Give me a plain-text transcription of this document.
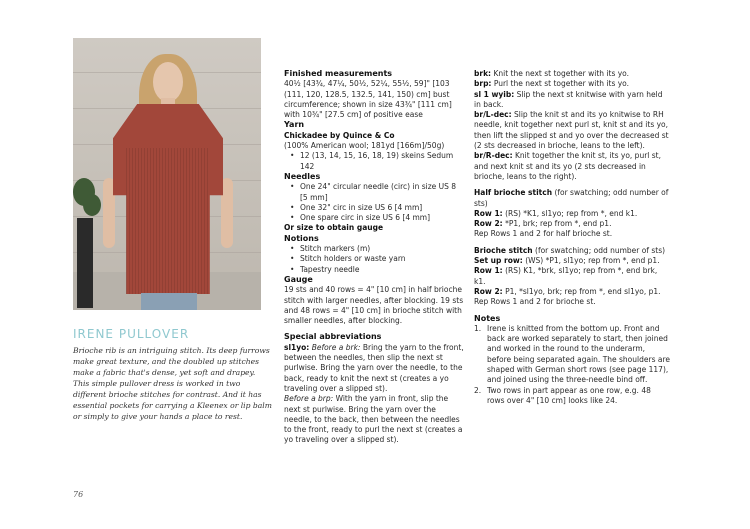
IRENE PULLOVER

Brioche rib is an intriguing stitch. Its deep furrows make great texture, and the doubled up stitches make a fabric that's dense, yet soft and drapey. This simple pullover dress is worked in two different brioche stitches for contrast. And it has essential pockets for carrying a Kleenex or lip balm or simply to give your hands a place to rest.

76

Finished measurements

40½ [43¾, 47¼, 50½, 52¼, 55½, 59]" [103 (111, 120, 128.5, 132.5, 141, 150) cm] bust circumference; shown in size 43¾" [111 cm] with 10¾" [27.5 cm] of positive ease

Yarn

Chickadee by Quince & Co

(100% American wool; 181yd [166m]/50g)

• 12 (13, 14, 15, 16, 18, 19) skeins Sedum 142

Needles

• One 24" circular needle (circ) in size US 8 [5 mm]
• One 32" circ in size US 6 [4 mm]
• One spare circ in size US 6 [4 mm]

Or size to obtain gauge

Notions

• Stitch markers (m)
• Stitch holders or waste yarn
• Tapestry needle

Gauge

19 sts and 40 rows = 4" [10 cm] in half brioche stitch with larger needles, after blocking. 19 sts and 48 rows = 4" [10 cm] in brioche stitch with smaller needles, after blocking.

Special abbreviations

sl1yo: Before a brk: Bring the yarn to the front, between the needles, then slip the next st purlwise. Bring the yarn over the needle, to the back, ready to knit the next st (creates a yo traveling over a slipped st).

Before a brp: With the yarn in front, slip the next st purlwise. Bring the yarn over the needle, to the back, then between the needles to the front, ready to purl the next st (creates a yo traveling over a slipped st).

brk: Knit the next st together with its yo.

brp: Purl the next st together with its yo.

sl 1 wyib: Slip the next st knitwise with yarn held in back.

br/L-dec: Slip the knit st and its yo knitwise to RH needle, knit together next purl st, knit st and its yo, then lift the slipped st and yo over the decreased st (2 sts decreased in brioche, leans to the left).

br/R-dec: Knit together the knit st, its yo, purl st, and next knit st and its yo (2 sts decreased in brioche, leans to the right).

Half brioche stitch (for swatching; odd number of sts)

Row 1: (RS) *K1, sl1yo; rep from *, end k1.

Row 2: *P1, brk; rep from *, end p1.

Rep Rows 1 and 2 for half brioche st.

Brioche stitch (for swatching; odd number of sts)

Set up row: (WS) *P1, sl1yo; rep from *, end p1.

Row 1: (RS) K1, *brk, sl1yo; rep from *, end brk, k1.

Row 2: P1, *sl1yo, brk; rep from *, end sl1yo, p1.

Rep Rows 1 and 2 for brioche st.

Notes

1. Irene is knitted from the bottom up. Front and back are worked separately to start, then joined and worked in the round to the underarm, before being separated again. The shoulders are shaped with German short rows (see page 117), and joined using the three-needle bind off.
2. Two rows in part appear as one row, e.g. 48 rows over 4" [10 cm] looks like 24.
